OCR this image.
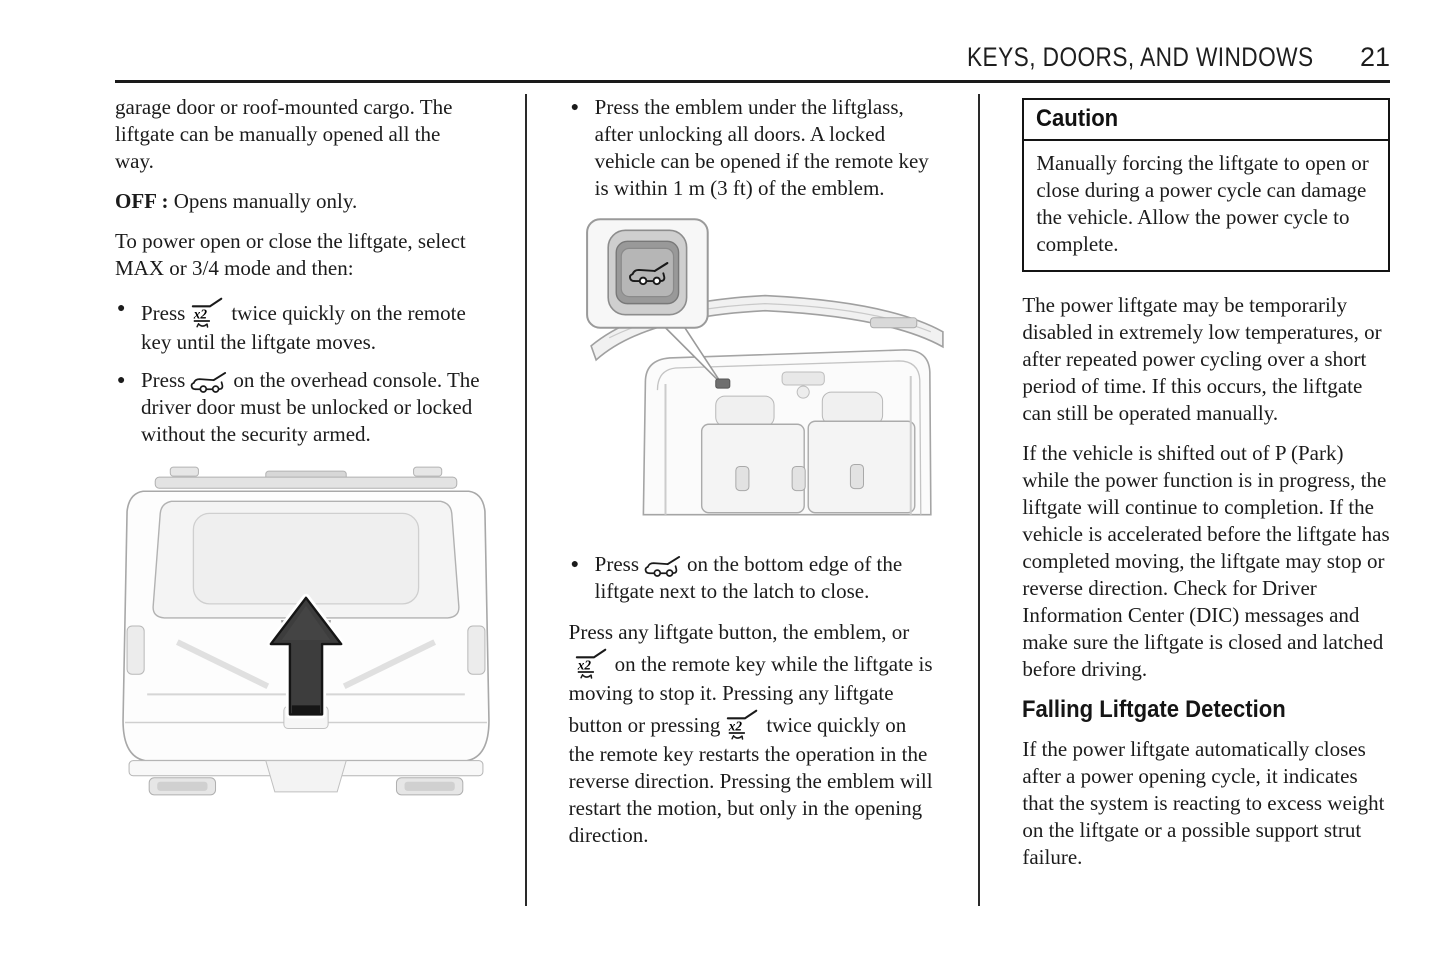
KEYS, DOORS, AND WINDOWS 21

garage door or roof-mounted cargo. The liftgate can be manually opened all the way.

OFF : Opens manually only.

To power open or close the liftgate, select MAX or 3/4 mode and then:

● Press twice quickly on the remote key until the liftgate moves.
● Press on the overhead console. The driver door must be unlocked or locked without the security armed.
● Press the emblem under the liftglass, after unlocking all doors. A locked vehicle can be opened if the remote key is within 1 m (3 ft) of the emblem.
● Press on the bottom edge of the liftgate next to the latch to close.

Press any liftgate button, the emblem, oron the remote key while the liftgate is moving to stop it. Pressing any liftgate button or pressing twice quickly on the remote key restarts the operation in the reverse direction. Pressing the emblem will restart the motion, but only in the opening direction.

Caution
Manually forcing the liftgate to open or close during a power cycle can damage the vehicle. Allow the power cycle to complete.

The power liftgate may be temporarily disabled in extremely low temperatures, or after repeated power cycling over a short period of time. If this occurs, the liftgate can still be operated manually.

If the vehicle is shifted out of P (Park) while the power function is in progress, the liftgate will continue to completion. If the vehicle is accelerated before the liftgate has completed moving, the liftgate may stop or reverse direction. Check for Driver Information Center (DIC) messages and make sure the liftgate is closed and latched before driving.

Falling Liftgate Detection

If the power liftgate automatically closes after a power opening cycle, it indicates that the system is reacting to excess weight on the liftgate or a possible support strut failure.
